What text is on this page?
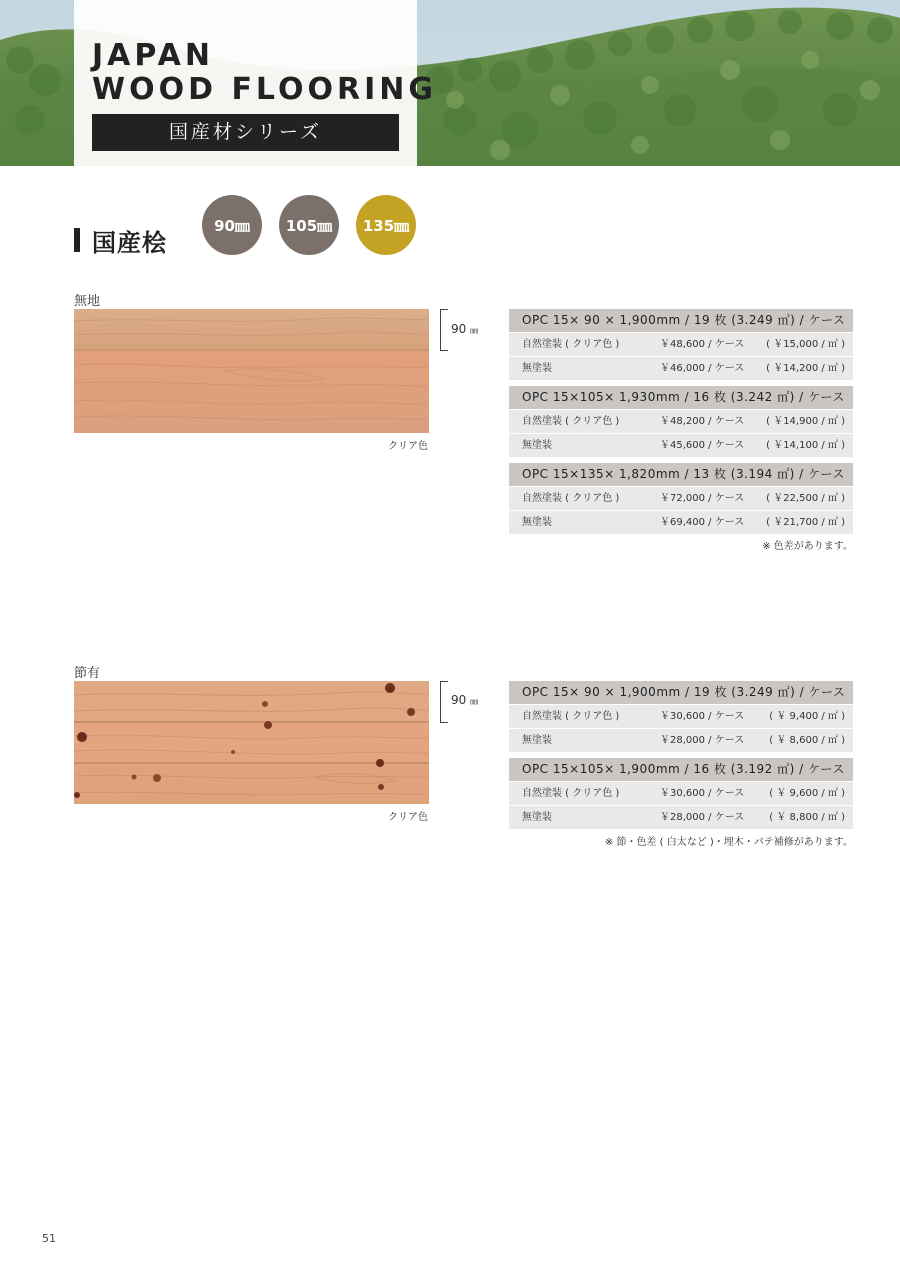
JAPAN
WOOD FLOORING
国産材シリーズ
国産桧
90㎜	105㎜	135㎜
無地
90 ㎜
クリア色
OPC 15× 90 × 1,900mm / 19 枚 (3.249 ㎡) / ケース
自然塗装 ( クリア色 )	￥48,600 / ケース ( ￥15,000 / ㎡ )
無塗装	￥46,000 / ケース ( ￥14,200 / ㎡ )
OPC 15×105× 1,930mm / 16 枚 (3.242 ㎡) / ケース
自然塗装 ( クリア色 )	￥48,200 / ケース ( ￥14,900 / ㎡ )
無塗装	￥45,600 / ケース ( ￥14,100 / ㎡ )
OPC 15×135× 1,820mm / 13 枚 (3.194 ㎡) / ケース
自然塗装 ( クリア色 )	￥72,000 / ケース ( ￥22,500 / ㎡ )
無塗装	￥69,400 / ケース ( ￥21,700 / ㎡ )
※ 色差があります。
節有
90 ㎜
クリア色
OPC 15× 90 × 1,900mm / 19 枚 (3.249 ㎡) / ケース
自然塗装 ( クリア色 )	￥30,600 / ケース	( ￥ 9,400 / ㎡ )
無塗装	￥28,000 / ケース	( ￥ 8,600 / ㎡ )
OPC 15×105× 1,900mm / 16 枚 (3.192 ㎡) / ケース
自然塗装 ( クリア色 )	￥30,600 / ケース	( ￥ 9,600 / ㎡ )
無塗装	￥28,000 / ケース	( ￥ 8,800 / ㎡ )
※ 節・色差 ( 白太など )・埋木・パテ補修があります。
51
